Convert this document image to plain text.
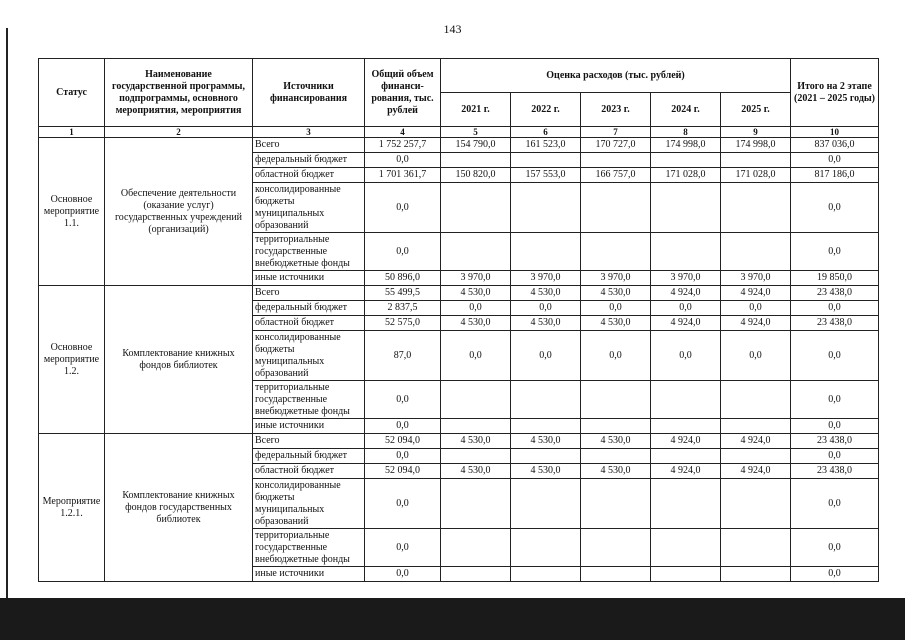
143
Статус	Наименование государственной программы, подпрограммы, основного мероприятия, мероприятия	Источники финансирования	Общий объем финанси-рования, тыс. рублей	Оценка расходов (тыс. рублей)					Итого на 2 этапе (2021 – 2025 годы)
				2021 г.	2022 г.	2023 г.	2024 г.	2025 г.	
1	2	3	4	5	6	7	8	9	10
Основное мероприятие 1.1.	Обеспечение деятельности (оказание услуг) государственных учреждений (организаций)	Всего	1 752 257,7	154 790,0	161 523,0	170 727,0	174 998,0	174 998,0	837 036,0
		федеральный бюджет	0,0						0,0
		областной бюджет	1 701 361,7	150 820,0	157 553,0	166 757,0	171 028,0	171 028,0	817 186,0
		консолидированные бюджеты муниципальных образований	0,0						0,0
		территориальные государственные внебюджетные фонды	0,0						0,0
		иные источники	50 896,0	3 970,0	3 970,0	3 970,0	3 970,0	3 970,0	19 850,0
Основное мероприятие 1.2.	Комплектование книжных фондов библиотек	Всего	55 499,5	4 530,0	4 530,0	4 530,0	4 924,0	4 924,0	23 438,0
		федеральный бюджет	2 837,5	0,0	0,0	0,0	0,0	0,0	0,0
		областной бюджет	52 575,0	4 530,0	4 530,0	4 530,0	4 924,0	4 924,0	23 438,0
		консолидированные бюджеты муниципальных образований	87,0	0,0	0,0	0,0	0,0	0,0	0,0
		территориальные государственные внебюджетные фонды	0,0						0,0
		иные источники	0,0						0,0
Мероприятие 1.2.1.	Комплектование книжных фондов государственных библиотек	Всего	52 094,0	4 530,0	4 530,0	4 530,0	4 924,0	4 924,0	23 438,0
		федеральный бюджет	0,0						0,0
		областной бюджет	52 094,0	4 530,0	4 530,0	4 530,0	4 924,0	4 924,0	23 438,0
		консолидированные бюджеты муниципальных образований	0,0						0,0
		территориальные государственные внебюджетные фонды	0,0						0,0
		иные источники	0,0						0,0
